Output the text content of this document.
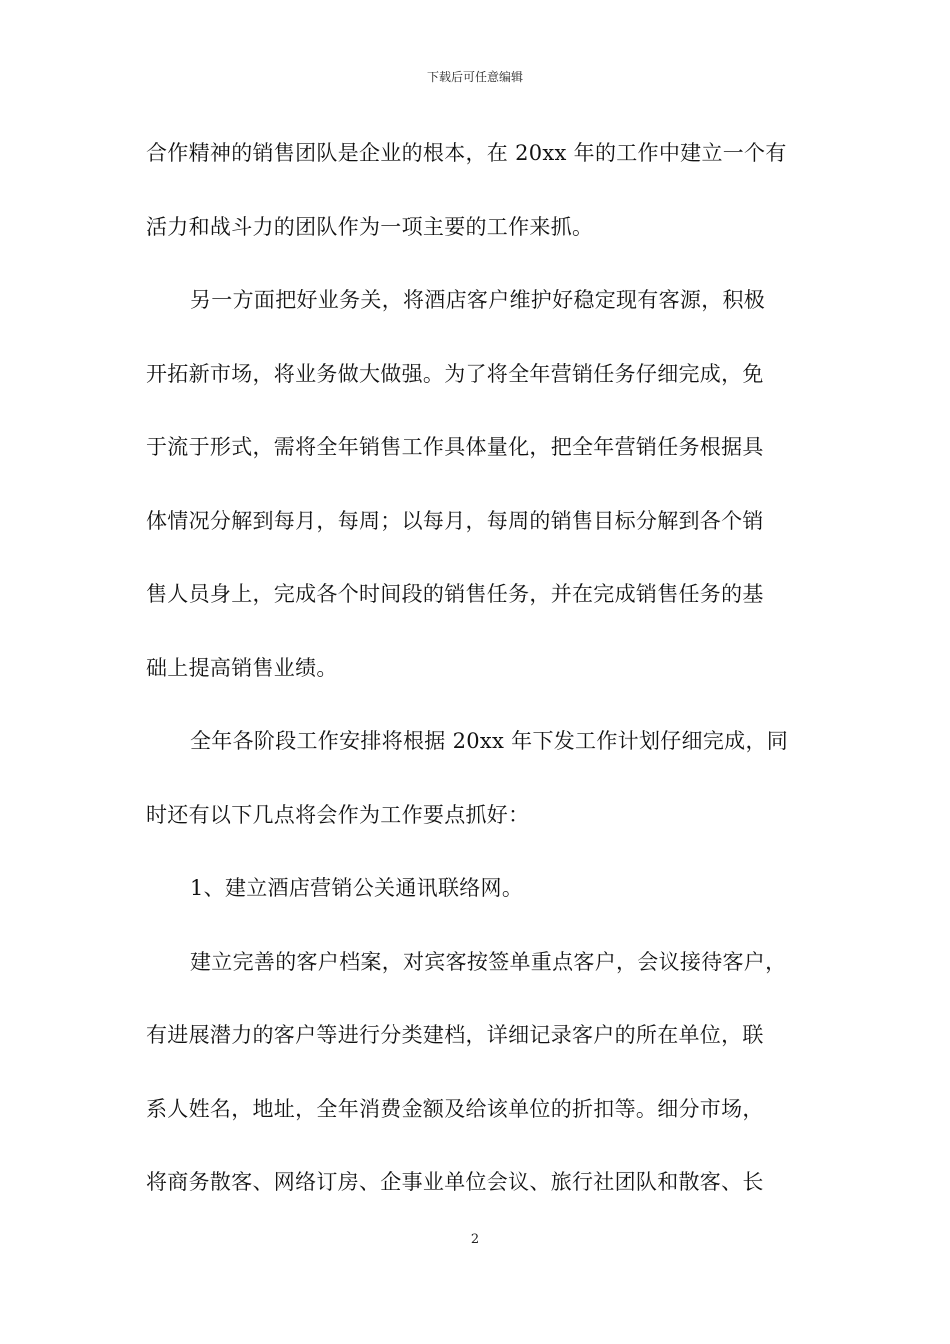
下载后可任意编辑
合作精神的销售团队是企业的根本，在 20xx 年的工作中建立一个有
活力和战斗力的团队作为一项主要的工作来抓。
另一方面把好业务关，将酒店客户维护好稳定现有客源，积极
开拓新市场，将业务做大做强。为了将全年营销任务仔细完成，免
于流于形式，需将全年销售工作具体量化，把全年营销任务根据具
体情况分解到每月，每周；以每月，每周的销售目标分解到各个销
售人员身上，完成各个时间段的销售任务，并在完成销售任务的基
础上提高销售业绩。
全年各阶段工作安排将根据 20xx 年下发工作计划仔细完成，同
时还有以下几点将会作为工作要点抓好：
1、建立酒店营销公关通讯联络网。
建立完善的客户档案，对宾客按签单重点客户，会议接待客户，
有进展潜力的客户等进行分类建档，详细记录客户的所在单位，联
系人姓名，地址，全年消费金额及给该单位的折扣等。细分市场，
将商务散客、网络订房、企事业单位会议、旅行社团队和散客、长
2
